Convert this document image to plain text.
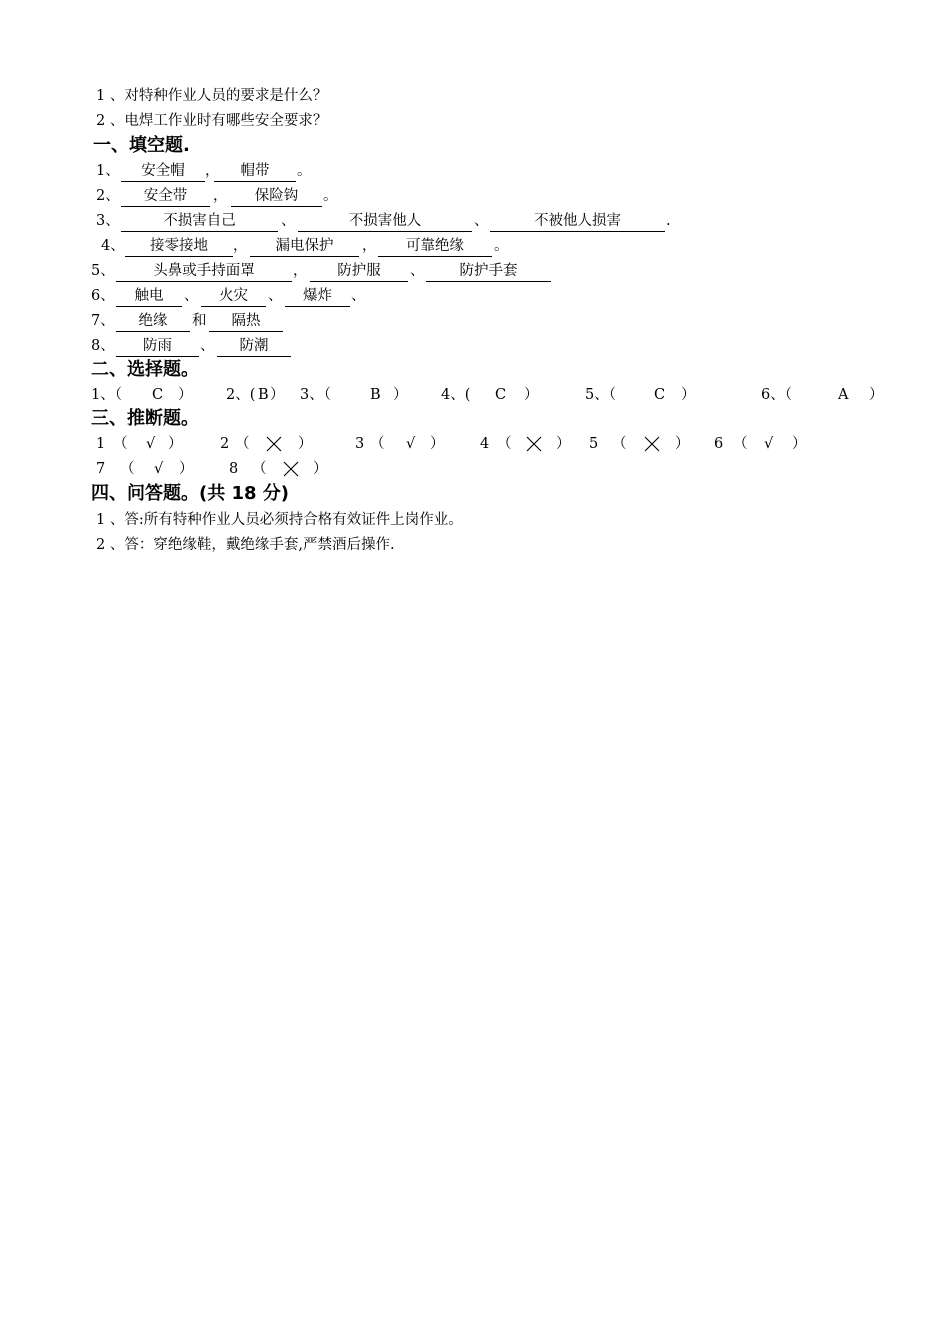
1 、对特种作业人员的要求是什么？
2 、电焊工作业时有哪些安全要求？
一、填空题.
1、	安全帽	，	帽带	。
2、	安全带	，	保险钩	。
3、	不损害自己	、	不损害他人	、	不被他人损害	.
4、	接零接地	，	漏电保护	，	可靠绝缘	。
5、	头鼻或手持面罩	，	防护服	、	防护手套
6、	触电	、	火灾	、	爆炸	、
7、	绝缘	和	隔热
8、	防雨	、	防潮
二、选择题。
1、（ C ） 2、( B ） 3、（	B ） 4、( C ）	5、（	C ）	6、（	A ）
三、推断题。
1 （ √ ）	2 （	）	3 （ √ ） 4 （	） 5 （	） 6 （ √ ）
7 （ √ ） 8 （	）
四、问答题。(共 18 分)
1 、答:所有特种作业人员必须持合格有效证件上岗作业。
2 、答：穿绝缘鞋，戴绝缘手套,严禁酒后操作.
